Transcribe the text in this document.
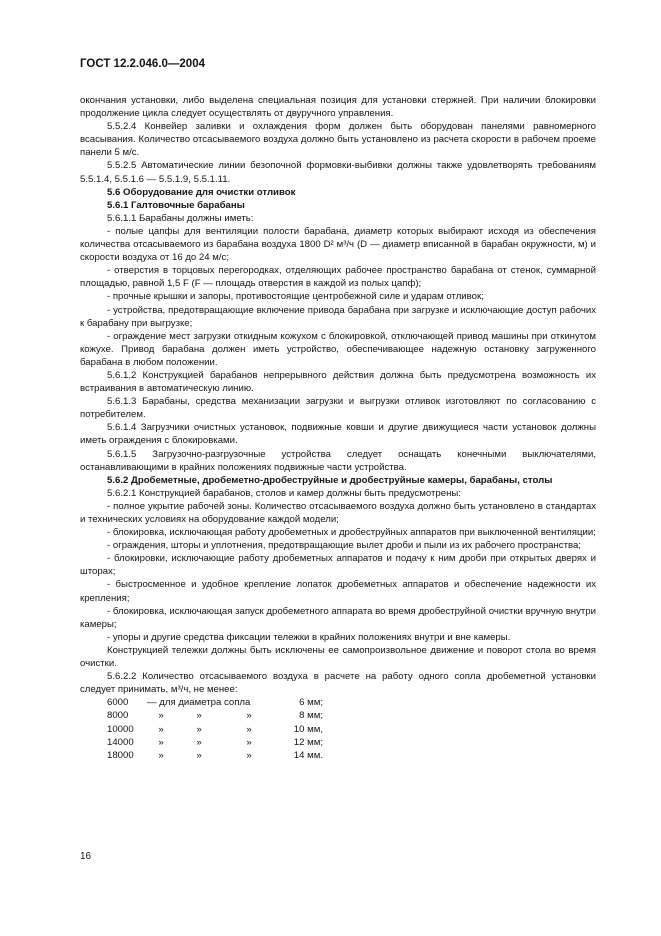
ГОСТ 12.2.046.0—2004

окончания установки, либо выделена специальная позиция для установки стержней. При наличии блокировки продолжение цикла следует осуществлять от двуручного управления.

5.5.2.4 Конвейер заливки и охлаждения форм должен быть оборудован панелями равномерного всасывания. Количество отсасываемого воздуха должно быть установлено из расчета скорости в рабочем проеме панели 5 м/с.

5.5.2.5 Автоматические линии безопочной формовки-выбивки должны также удовлетворять требованиям 5.5.1.4, 5.5.1.6 — 5.5.1.9, 5.5.1.11.

5.6 Оборудование для очистки отливок

5.6.1 Галтовочные барабаны

5.6.1.1 Барабаны должны иметь:

- полые цапфы для вентиляции полости барабана, диаметр которых выбирают исходя из обеспечения количества отсасываемого из барабана воздуха 1800 D² м³/ч (D — диаметр вписанной в барабан окружности, м) и скорости воздуха от 16 до 24 м/с;

- отверстия в торцовых перегородках, отделяющих рабочее пространство барабана от стенок, суммарной площадью, равной 1,5 F (F — площадь отверстия в каждой из полых цапф);

- прочные крышки и запоры, противостоящие центробежной силе и ударам отливок;

- устройства, предотвращающие включение привода барабана при загрузке и исключающие доступ рабочих к барабану при выгрузке;

- ограждение мест загрузки откидным кожухом с блокировкой, отключающей привод машины при откинутом кожухе. Привод барабана должен иметь устройство, обеспечивающее надежную остановку загруженного барабана в любом положении.

5.6.1.2 Конструкцией барабанов непрерывного действия должна быть предусмотрена возможность их встраивания в автоматическую линию.

5.6.1.3 Барабаны, средства механизации загрузки и выгрузки отливок изготовляют по согласованию с потребителем.

5.6.1.4 Загрузчики очистных установок, подвижные ковши и другие движущиеся части установок должны иметь ограждения с блокировками.

5.6.1.5 Загрузочно-разгрузочные устройства следует оснащать конечными выключателями, останавливающими в крайних положениях подвижные части устройства.

5.6.2 Дробеметные, дробеметно-дробеструйные и дробеструйные камеры, барабаны, столы

5.6.2.1 Конструкцией барабанов, столов и камер должны быть предусмотрены:

- полное укрытие рабочей зоны. Количество отсасываемого воздуха должно быть установлено в стандартах и технических условиях на оборудование каждой модели;

- блокировка, исключающая работу дробеметных и дробеструйных аппаратов при выключенной вентиляции;

- ограждения, шторы и уплотнения, предотвращающие вылет дроби и пыли из их рабочего пространства;

- блокировки, исключающие работу дробеметных аппаратов и подачу к ним дроби при открытых дверях и шторах;

- быстросменное и удобное крепление лопаток дробеметных аппаратов и обеспечение надежности их крепления;

- блокировка, исключающая запуск дробеметного аппарата во время дробеструйной очистки вручную внутри камеры;

- упоры и другие средства фиксации тележки в крайних положениях внутри и вне камеры.

Конструкцией тележки должны быть исключены ее самопроизвольное движение и поворот стола во время очистки.

5.6.2.2 Количество отсасываемого воздуха в расчете на работу одного сопла дробеметной установки следует принимать, м³/ч, не менее:

6000	— для диаметра сопла			6 мм;
8000	»	»	»	8 мм;
10000	»	»	»	10 мм,
14000	»	»	»	12 мм;
18000	»	»	»	14 мм.
16
